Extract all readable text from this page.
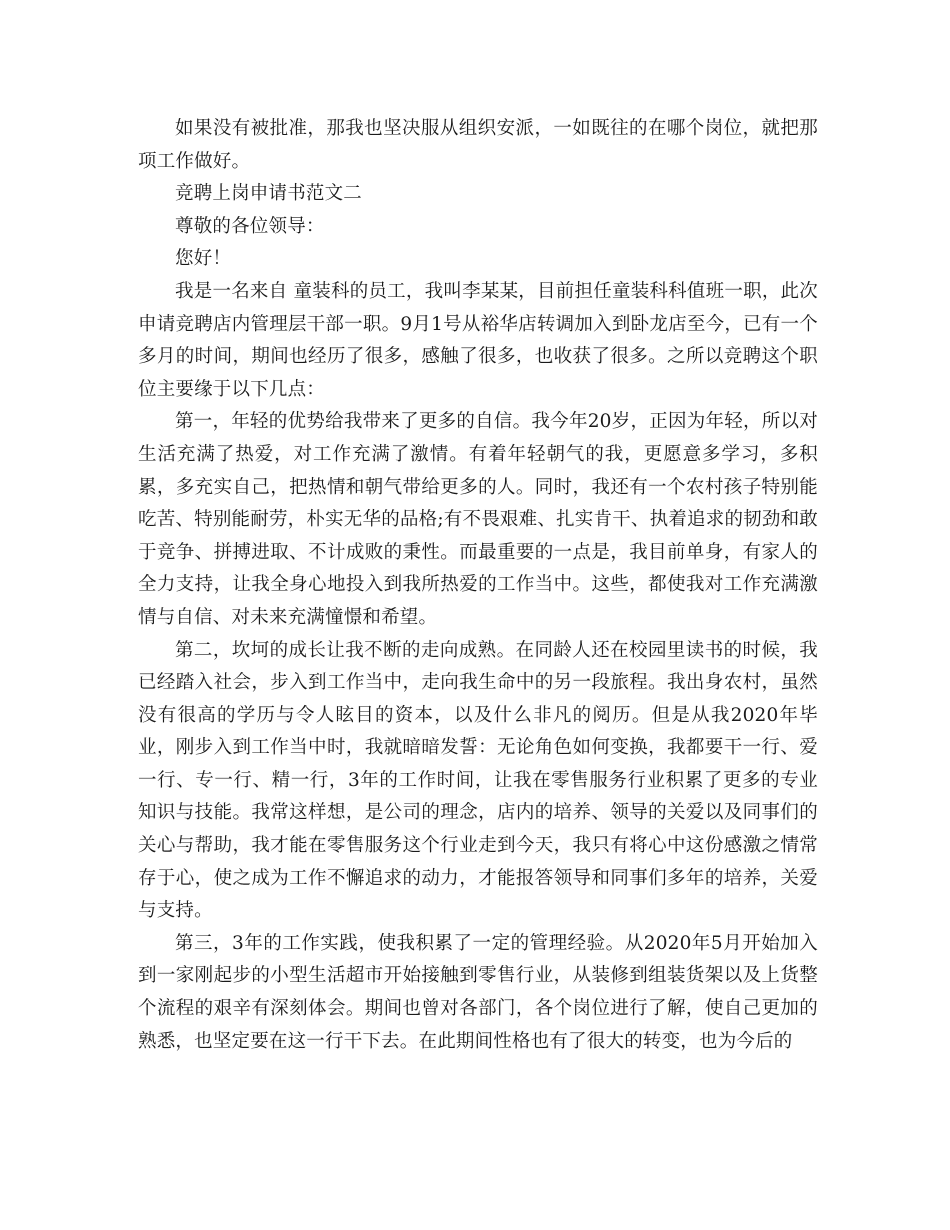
如果没有被批准，那我也坚决服从组织安派，一如既往的在哪个岗位，就把那项工作做好。

竞聘上岗申请书范文二

尊敬的各位领导：

您好！

我是一名来自 童装科的员工，我叫李某某，目前担任童装科科值班一职，此次申请竞聘店内管理层干部一职。9月1号从裕华店转调加入到卧龙店至今，已有一个多月的时间，期间也经历了很多，感触了很多，也收获了很多。之所以竞聘这个职位主要缘于以下几点：

第一，年轻的优势给我带来了更多的自信。我今年20岁，正因为年轻，所以对生活充满了热爱，对工作充满了激情。有着年轻朝气的我，更愿意多学习，多积累，多充实自己，把热情和朝气带给更多的人。同时，我还有一个农村孩子特别能吃苦、特别能耐劳，朴实无华的品格;有不畏艰难、扎实肯干、执着追求的韧劲和敢于竞争、拼搏进取、不计成败的秉性。而最重要的一点是，我目前单身，有家人的全力支持，让我全身心地投入到我所热爱的工作当中。这些，都使我对工作充满激情与自信、对未来充满憧憬和希望。

第二，坎坷的成长让我不断的走向成熟。在同龄人还在校园里读书的时候，我已经踏入社会，步入到工作当中，走向我生命中的另一段旅程。我出身农村，虽然没有很高的学历与令人眩目的资本，以及什么非凡的阅历。但是从我2020年毕业，刚步入到工作当中时，我就暗暗发誓：无论角色如何变换，我都要干一行、爱一行、专一行、精一行，3年的工作时间，让我在零售服务行业积累了更多的专业知识与技能。我常这样想，是公司的理念，店内的培养、领导的关爱以及同事们的关心与帮助，我才能在零售服务这个行业走到今天，我只有将心中这份感激之情常存于心，使之成为工作不懈追求的动力，才能报答领导和同事们多年的培养，关爱与支持。

第三，3年的工作实践，使我积累了一定的管理经验。从2020年5月开始加入到一家刚起步的小型生活超市开始接触到零售行业，从装修到组装货架以及上货整个流程的艰辛有深刻体会。期间也曾对各部门，各个岗位进行了解，使自己更加的熟悉，也坚定要在这一行干下去。在此期间性格也有了很大的转变，也为今后的
